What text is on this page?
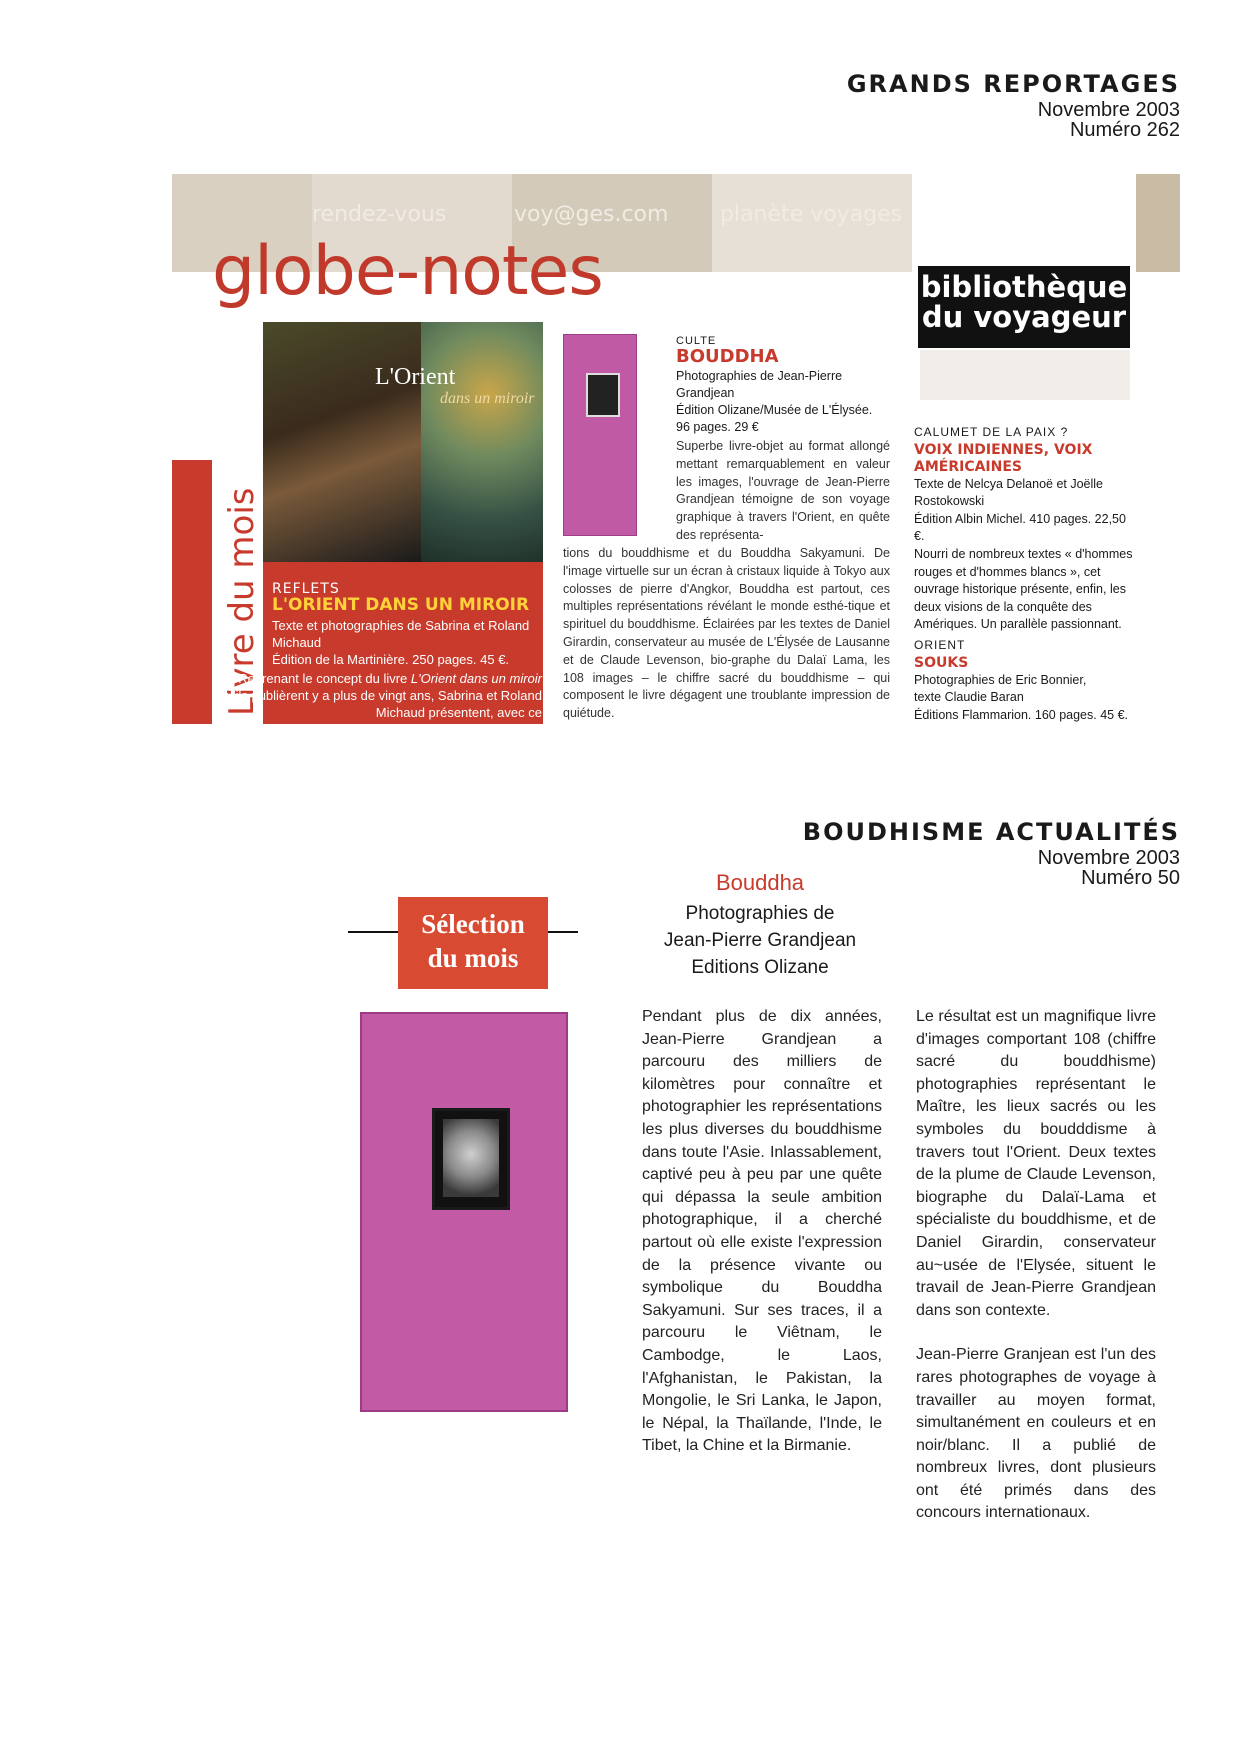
GRANDS REPORTAGES
Novembre 2003
Numéro 262
rendez-vous	voy@ges.com planète voyages
globe-notes	bibliothèque
du voyageur
Livre du mois
L'Orient
dans un miroir
REFLETS
L'ORIENT DANS UN MIROIR
Texte et photographies de Sabrina et Roland Michaud
Édition de la Martinière. 250 pages. 45 €.
Reprenant le concept du livre L'Orient dans un miroir qu'ils publièrent y a plus de vingt ans, Sabrina et Roland Michaud présentent, avec ce
CULTE
BOUDDHA
Photographies de Jean-Pierre Grandjean
Édition Olizane/Musée de L'Élysée.
96 pages. 29 €
Superbe livre-objet au format allongé mettant remarquablement en valeur les images, l'ouvrage de Jean-Pierre Grandjean témoigne de son voyage graphique à travers l'Orient, en quête des représenta-
tions du bouddhisme et du Bouddha Sakyamuni. De l'image virtuelle sur un écran à cristaux liquide à Tokyo aux colosses de pierre d'Angkor, Bouddha est partout, ces multiples représentations révélant le monde esthé-tique et spirituel du bouddhisme. Éclairées par les textes de Daniel Girardin, conservateur au musée de L'Élysée de Lausanne et de Claude Levenson, bio-graphe du Dalaï Lama, les 108 images – le chiffre sacré du bouddhisme – qui composent le livre dégagent une troublante impression de quiétude.
CALUMET DE LA PAIX ?
VOIX INDIENNES, VOIX AMÉRICAINES
Texte de Nelcya Delanoë et Joëlle Rostokowski
Édition Albin Michel. 410 pages. 22,50 €.
Nourri de nombreux textes « d'hommes rouges et d'hommes blancs », cet ouvrage historique présente, enfin, les deux visions de la conquête des Amériques. Un parallèle passionnant.
ORIENT
SOUKS
Photographies de Eric Bonnier,
texte Claudie Baran
Éditions Flammarion. 160 pages. 45 €.
BOUDHISME ACTUALITÉS
Novembre 2003
Numéro 50
Sélection
du mois
Bouddha
Photographies de
Jean-Pierre Grandjean
Editions Olizane

Pendant plus de dix années, Jean-Pierre Grandjean a parcouru des milliers de kilomètres pour connaître et photographier les représentations les plus diverses du bouddhisme dans toute l'Asie. Inlassablement, captivé peu à peu par une quête qui dépassa la seule ambition photographique, il a cherché partout où elle existe l'expression de la présence vivante ou symbolique du Bouddha Sakyamuni. Sur ses traces, il a parcouru le Viêtnam, le Cambodge, le Laos, l'Afghanistan, le Pakistan, la Mongolie, le Sri Lanka, le Japon, le Népal, la Thaïlande, l'Inde, le Tibet, la Chine et la Birmanie.

Le résultat est un magnifique livre d'images comportant 108 (chiffre sacré du bouddhisme) photographies représentant le Maître, les lieux sacrés ou les symboles du boudddisme à travers tout l'Orient. Deux textes de la plume de Claude Levenson, biographe du Dalaï-Lama et spécialiste du bouddhisme, et de Daniel Girardin, conservateur au~usée de l'Elysée, situent le travail de Jean-Pierre Grandjean dans son contexte.

Jean-Pierre Granjean est l'un des rares photographes de voyage à travailler au moyen format, simultanément en couleurs et en noir/blanc. Il a publié de nombreux livres, dont plusieurs ont été primés dans des concours internationaux.
